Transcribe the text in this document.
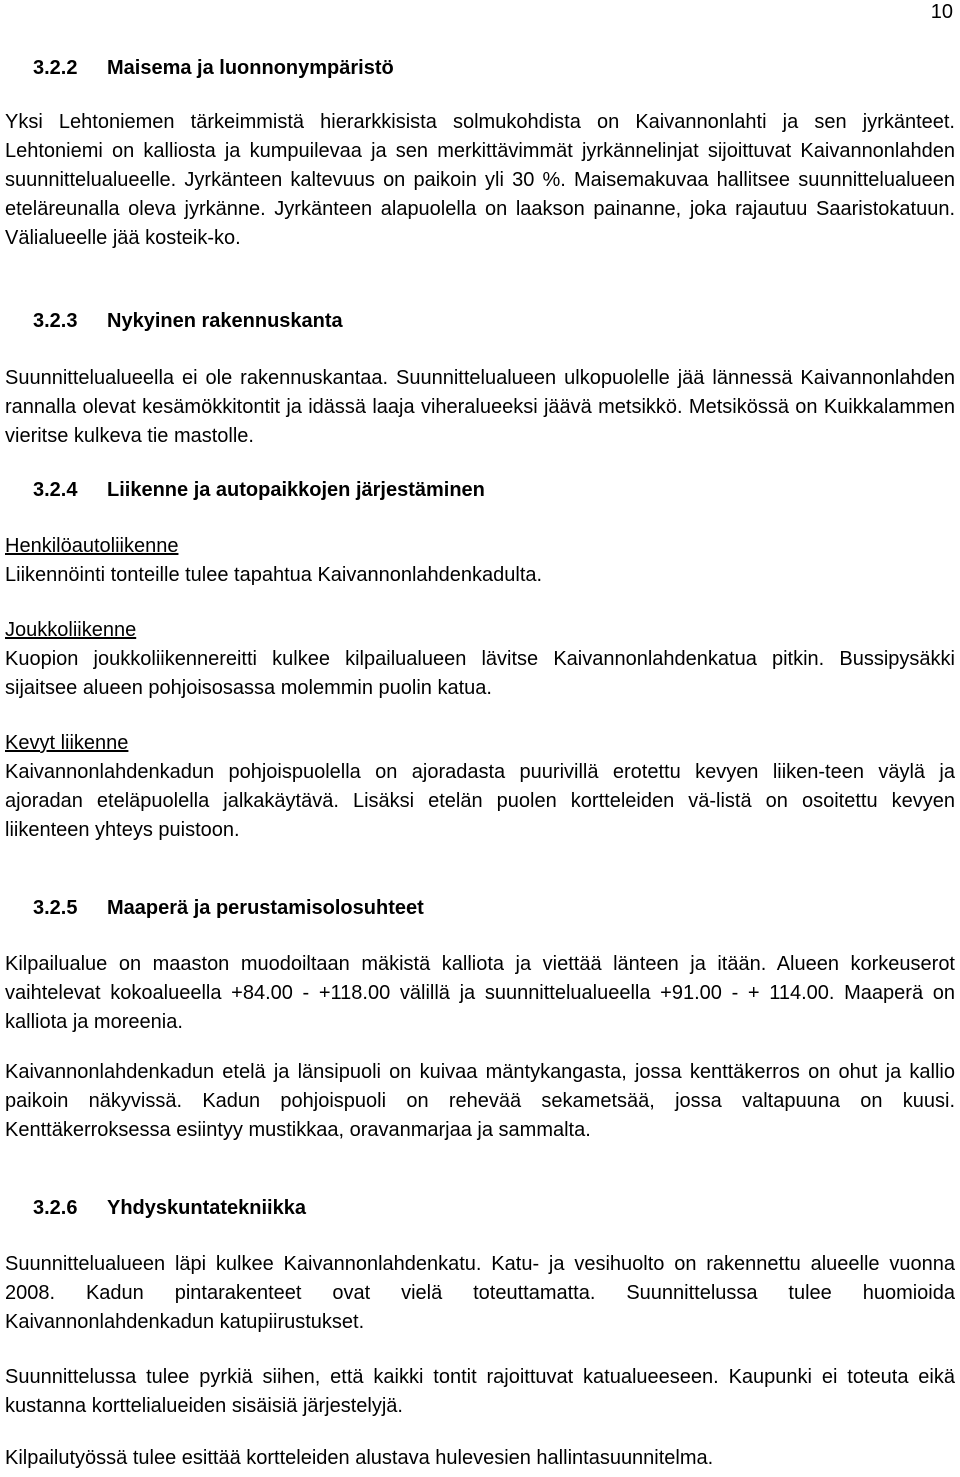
10
3.2.2 Maisema ja luonnonympäristö
Yksi Lehtoniemen tärkeimmistä hierarkkisista solmukohdista on Kaivannonlahti ja sen jyrkänteet. Lehtoniemi on kalliosta ja kumpuilevaa ja sen merkittävimmät jyrkännelinjat sijoittuvat Kaivannonlahden suunnittelualueelle. Jyrkänteen kaltevuus on paikoin yli 30 %. Maisemakuvaa hallitsee suunnittelualueen eteläreunalla oleva jyrkänne. Jyrkänteen alapuolella on laakson painanne, joka rajautuu Saaristokatuun. Välialueelle jää kosteik-ko.
3.2.3 Nykyinen rakennuskanta
Suunnittelualueella ei ole rakennuskantaa. Suunnittelualueen ulkopuolelle jää lännessä Kaivannonlahden rannalla olevat kesämökkitontit ja idässä laaja viheralueeksi jäävä metsikkö. Metsikössä on Kuikkalammen vieritse kulkeva tie mastolle.
3.2.4 Liikenne ja autopaikkojen järjestäminen
Henkilöautoliikenne
Liikennöinti tonteille tulee tapahtua Kaivannonlahdenkadulta.
Joukkoliikenne
Kuopion joukkoliikennereitti kulkee kilpailualueen lävitse Kaivannonlahdenkatua pitkin. Bussipysäkki sijaitsee alueen pohjoisosassa molemmin puolin katua.
Kevyt liikenne
Kaivannonlahdenkadun pohjoispuolella on ajoradasta puurivillä erotettu kevyen liiken-teen väylä ja ajoradan eteläpuolella jalkakäytävä. Lisäksi etelän puolen kortteleiden vä-listä on osoitettu kevyen liikenteen yhteys puistoon.
3.2.5 Maaperä ja perustamisolosuhteet
Kilpailualue on maaston muodoiltaan mäkistä kalliota ja viettää länteen ja itään. Alueen korkeuserot vaihtelevat kokoalueella +84.00 - +118.00 välillä ja suunnittelualueella +91.00 - + 114.00. Maaperä on kalliota ja moreenia.
Kaivannonlahdenkadun etelä ja länsipuoli on kuivaa mäntykangasta, jossa kenttäkerros on ohut ja kallio paikoin näkyvissä. Kadun pohjoispuoli on rehevää sekametsää, jossa valtapuuna on kuusi. Kenttäkerroksessa esiintyy mustikkaa, oravanmarjaa ja sammalta.
3.2.6 Yhdyskuntatekniikka
Suunnittelualueen läpi kulkee Kaivannonlahdenkatu. Katu- ja vesihuolto on rakennettu alueelle vuonna 2008. Kadun pintarakenteet ovat vielä toteuttamatta. Suunnittelussa tulee huomioida Kaivannonlahdenkadun katupiirustukset.
Suunnittelussa tulee pyrkiä siihen, että kaikki tontit rajoittuvat katualueeseen. Kaupunki ei toteuta eikä kustanna korttelialueiden sisäisiä järjestelyjä.
Kilpailutyössä tulee esittää kortteleiden alustava hulevesien hallintasuunnitelma.
